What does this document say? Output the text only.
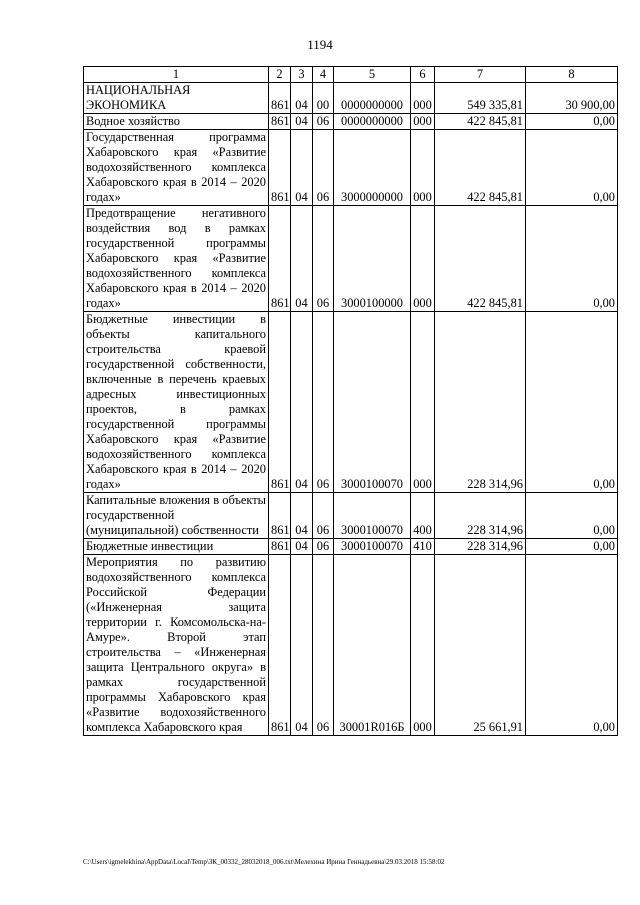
1194
1	2	3	4	5	6	7	8
НАЦИОНАЛЬНАЯ ЭКОНОМИКА	861	04	00	0000000000	000	549 335,81	30 900,00
Водное хозяйство	861	04	06	0000000000	000	422 845,81	0,00
Государственная программа Хабаровского края «Развитие водохозяйственного комплекса Хабаровского края в 2014 – 2020 годах»	861	04	06	3000000000	000	422 845,81	0,00
Предотвращение негативного воздействия вод в рамках государственной программы Хабаровского края «Развитие водохозяйственного комплекса Хабаровского края в 2014 – 2020 годах»	861	04	06	3000100000	000	422 845,81	0,00
Бюджетные инвестиции в объекты капитального строительства краевой государственной собственности, включенные в перечень краевых адресных инвестиционных проектов, в рамках государственной программы Хабаровского края «Развитие водохозяйственного комплекса Хабаровского края в 2014 – 2020 годах»	861	04	06	3000100070	000	228 314,96	0,00
Капитальные вложения в объекты государственной (муниципальной) собственности	861	04	06	3000100070	400	228 314,96	0,00
Бюджетные инвестиции	861	04	06	3000100070	410	228 314,96	0,00
Мероприятия по развитию водохозяйственного комплекса Российской Федерации («Инженерная защита территории г. Комсомольска-на-Амуре». Второй этап строительства – «Инженерная защита Центрального округа» в рамках государственной программы Хабаровского края «Развитие водохозяйственного комплекса Хабаровского края	861	04	06	30001R016Б	000	25 661,91	0,00
C:\Users\igmelekhina\AppData\Local\Temp\ЗК_00332_28032018_006.txt\Мелехина Ирина Геннадьевна\29.03.2018 15:58:02
